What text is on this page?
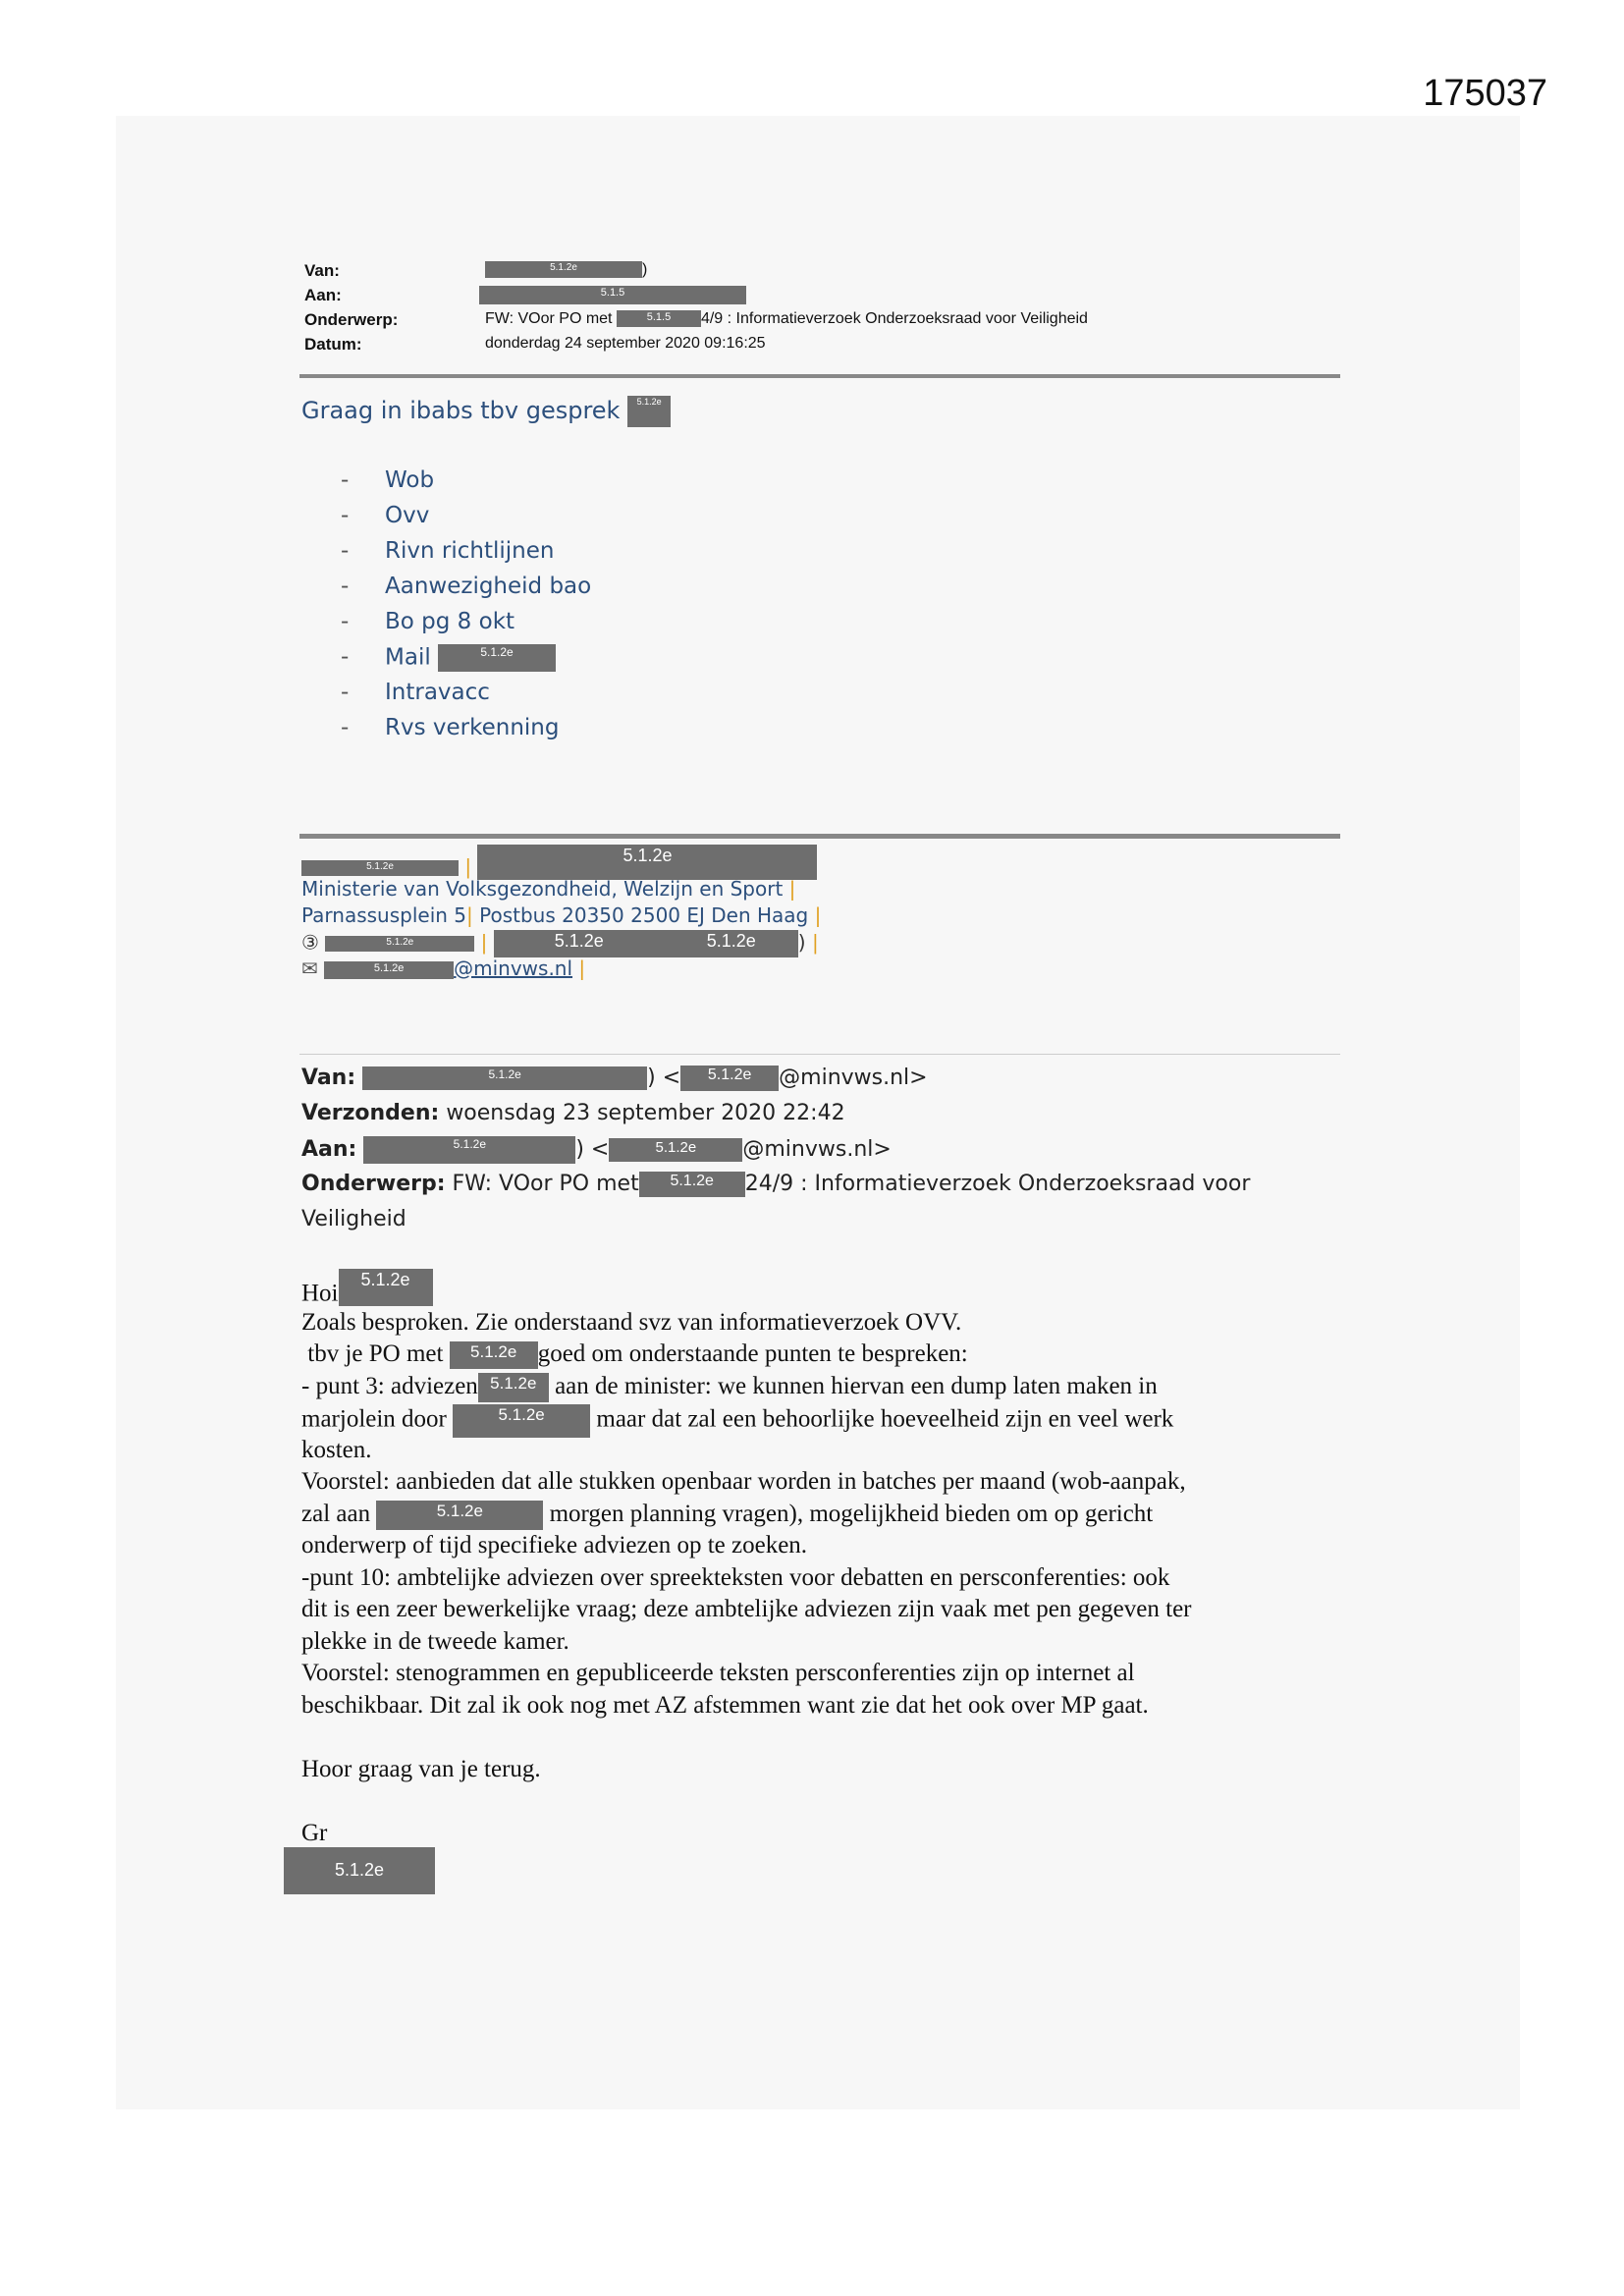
175037
Van:	5.1.2e	)
Aan:	5.1.5
Onderwerp:	FW: VOor PO met	5.1.5 4/9 : Informatieverzoek Onderzoeksraad voor Veiligheid
Datum:	donderdag 24 september 2020 09:16:25
Graag in ibabs tbv gesprek 5.1.2e
- Wob
- Ovv
- Rivn richtlijnen
- Aanwezigheid bao
- Bo pg 8 okt
- Mail	5.1.2e
- Intravacc
- Rvs verkenning
5.1.2e	|	5.1.2e
Ministerie van Volksgezondheid, Welzijn en Sport |
Parnassusplein 5| Postbus 20350 2500 EJ Den Haag |
③	5.1.2e	|	5.1.2e	5.1.2e ) |
✉	5.1.2e	@minvws.nl |
Van:	5.1.2e	) < 5.1.2e @minvws.nl>
Verzonden: woensdag 23 september 2020 22:42
Aan:	5.1.2e	) <	5.1.2e @minvws.nl>
Onderwerp: FW: VOor PO met 5.1.2e 24/9 : Informatieverzoek Onderzoeksraad voor
Veiligheid
Hoi5.1.2e
Zoals besproken. Zie onderstaand svz van informatieverzoek OVV.
tbv je PO met 5.1.2e goed om onderstaande punten te bespreken:
- punt 3: adviezen 5.1.2e aan de minister: we kunnen hiervan een dump laten maken in
marjolein door	5.1.2e maar dat zal een behoorlijke hoeveelheid zijn en veel werk
kosten.
Voorstel: aanbieden dat alle stukken openbaar worden in batches per maand (wob-aanpak,
zal aan	5.1.2e	morgen planning vragen), mogelijkheid bieden om op gericht
onderwerp of tijd specifieke adviezen op te zoeken.
-punt 10: ambtelijke adviezen over spreekteksten voor debatten en persconferenties: ook
dit is een zeer bewerkelijke vraag; deze ambtelijke adviezen zijn vaak met pen gegeven ter
plekke in de tweede kamer.
Voorstel: stenogrammen en gepubliceerde teksten persconferenties zijn op internet al
beschikbaar. Dit zal ik ook nog met AZ afstemmen want zie dat het ook over MP gaat.
Hoor graag van je terug.
Gr
5.1.2e
